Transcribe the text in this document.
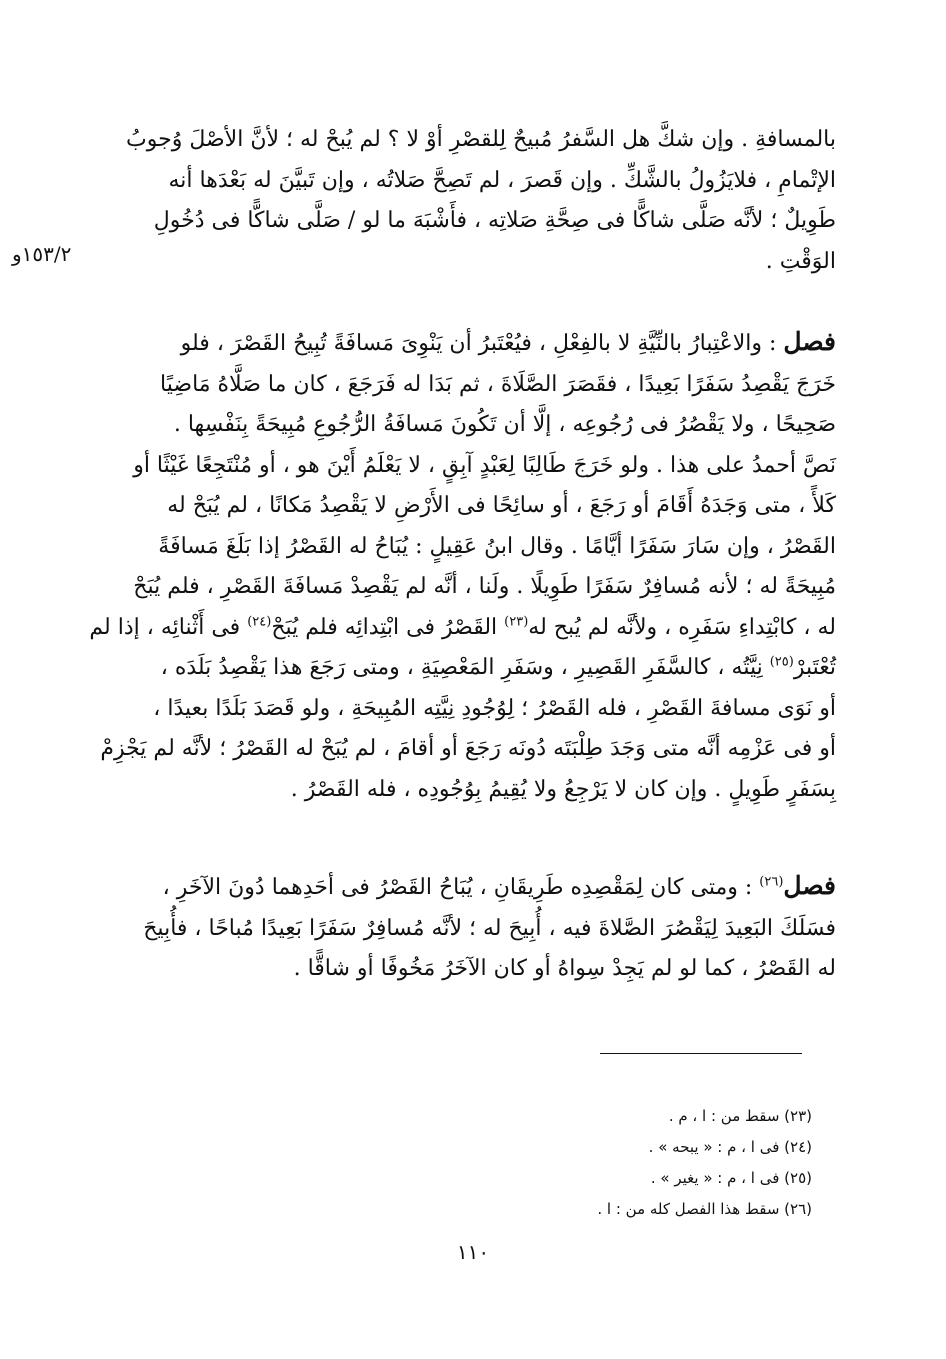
١٥٣/٢و
بالمسافةِ . وإن شكَّ هل السَّفرُ مُبيحٌ لِلقصْرِ أوْ لا ؟ لم يُبحْ له ؛ لأنَّ الأصْلَ وُجوبُ
الإتْمامِ ، فلايَزُولُ بالشَّكِّ . وإن قَصرَ ، لم تَصِحَّ صَلاتُه ، وإن تَبيَّنَ له بَعْدَها أنه
طَوِيلٌ ؛ لأنَّه صَلَّى شاكًّا فى صِحَّةِ صَلاتِه ، فأَشْبَهَ ما لو / صَلَّى شاكًّا فى دُخُولِ
الوَقْتِ .
فصل : والاعْتِبارُ بالنِّيَّةِ لا بالفِعْلِ ، فيُعْتَبرُ أن يَنْوِىَ مَسافَةً تُبِيحُ القَصْرَ ، فلو
خَرَجَ يَقْصِدُ سَفَرًا بَعِيدًا ، فقَصَرَ الصَّلَاةَ ، ثم بَدَا له فَرَجَعَ ، كان ما صَلَّاهُ مَاضِيًا
صَحِيحًا ، ولا يَقْصُرُ فى رُجُوعِه ، إلَّا أن تَكُونَ مَسافَةُ الرُّجُوعِ مُبِيحَةً بِنَفْسِها .
نَصَّ أحمدُ على هذا . ولو خَرَجَ طَالِبًا لِعَبْدٍ آبِقٍ ، لا يَعْلَمُ أَيْنَ هو ، أو مُنْتَجِعًا غَيْثًا أو
كَلأً ، متى وَجَدَهُ أَقَامَ أو رَجَعَ ، أو سائِحًا فى الأَرْضِ لا يَقْصِدُ مَكانًا ، لم يُبَحْ له
القَصْرُ ، وإن سَارَ سَفَرًا أيَّامًا . وقال ابنُ عَقِيلٍ : يُبَاحُ له القَصْرُ إذا بَلَغَ مَسافَةً
مُبِيحَةً له ؛ لأنه مُسافِرٌ سَفَرًا طَوِيلًا . ولَنا ، أنَّه لم يَقْصِدْ مَسافَةَ القَصْرِ ، فلم يُبَحْ
له ، كابْتِداءِ سَفَرِه ، ولأنَّه لم يُبح له$^{(٢٣)}$ القَصْرُ فى ابْتِدائِه فلم يُبَحْ$^{(٢٤)}$ فى أَثْنائِه ، إذا لم
تُعْتَبرْ$^{(٢٥)}$ نِيَّتُه ، كالسَّفَرِ القَصِيرِ ، وسَفَرِ المَعْصِيَةِ ، ومتى رَجَعَ هذا يَقْصِدُ بَلَدَه ،
أو نَوَى مسافةَ القَصْرِ ، فله القَصْرُ ؛ لِوُجُودِ نِيَّتِه المُبِيحَةِ ، ولو قَصَدَ بَلَدًا بعيدًا ،
أو فى عَزْمِه أنَّه متى وَجَدَ طِلْبَتَه دُونَه رَجَعَ أو أقامَ ، لم يُبَحْ له القَصْرُ ؛ لأنَّه لم يَجْزِمْ
بِسَفَرٍ طَوِيلٍ . وإن كان لا يَرْجِعُ ولا يُقِيمُ بِوُجُودِه ، فله القَصْرُ .
فصل$^{(٢٦)}$ : ومتى كان لِمَقْصِدِه طَرِيقَانِ ، يُبَاحُ القَصْرُ فى أحَدِهما دُونَ الآخَرِ ،
فسَلَكَ البَعِيدَ لِيَقْصُرَ الصَّلاةَ فيه ، أُبِيحَ له ؛ لأنَّه مُسافِرٌ سَفَرًا بَعِيدًا مُباحًا ، فأُبِيحَ
له القَصْرُ ، كما لو لم يَجِدْ سِواهُ أو كان الآخَرُ مَخُوفًا أو شاقًّا .
(٢٣) سقط من : ا ، م .
(٢٤) فى ا ، م : « يبحه » .
(٢٥) فى ا ، م : « يغير » .
(٢٦) سقط هذا الفصل كله من : ا .
١١٠
